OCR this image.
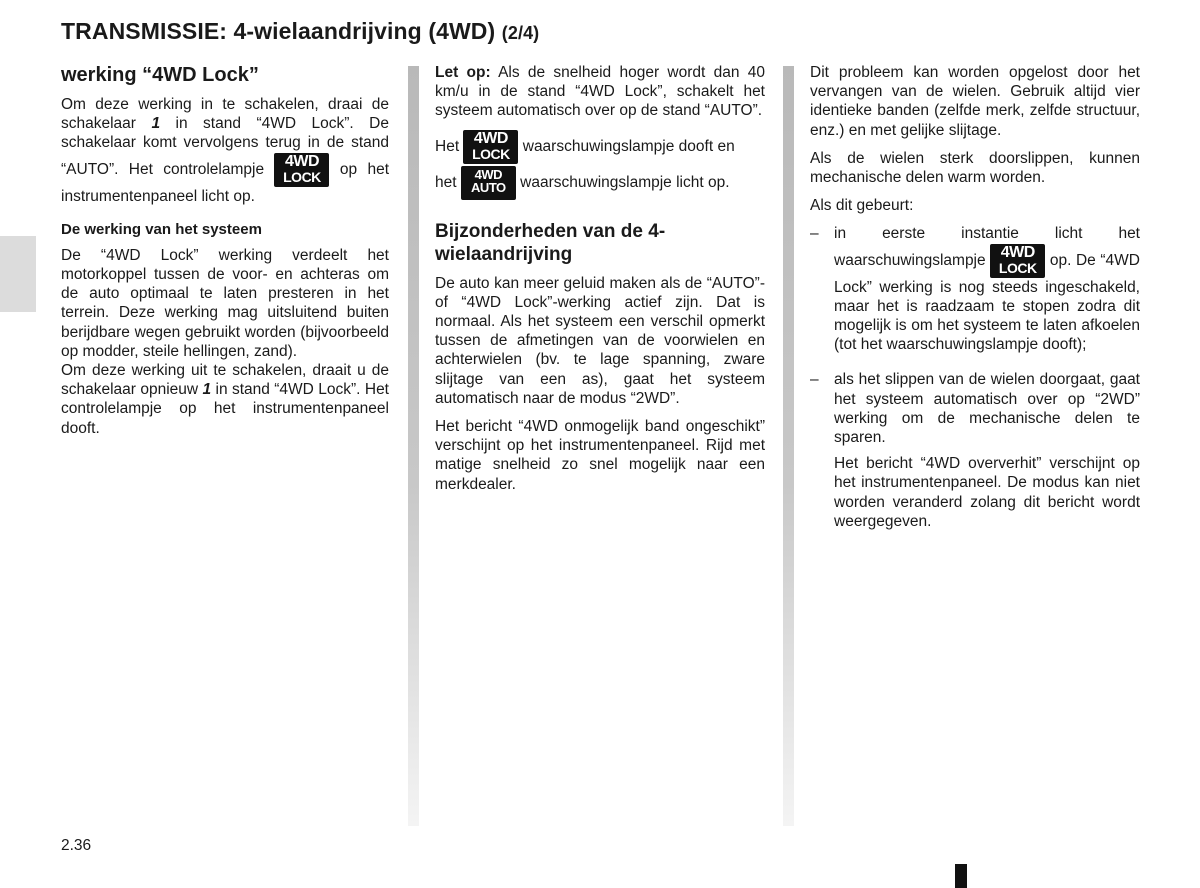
TRANSMISSIE: 4-wielaandrijving (4WD) (2/4)
werking “4WD Lock”

Om deze werking in te schakelen, draai de schakelaar 1 in stand “4WD Lock”. De schakelaar komt vervolgens terug in de stand “AUTO”. Het controlelampje 4WD
LOCK op het instrumentenpaneel licht op.

De werking van het systeem

De “4WD Lock” werking verdeelt het motorkoppel tussen de voor- en achteras om de auto optimaal te laten presteren in het terrein. Deze werking mag uitsluitend buiten berijdbare wegen gebruikt worden (bijvoorbeeld op modder, steile hellingen, zand).

Om deze werking uit te schakelen, draait u de schakelaar opnieuw 1 in stand “4WD Lock”. Het controlelampje op het instrumentenpaneel dooft.

Let op: Als de snelheid hoger wordt dan 40 km/u in de stand “4WD Lock”, schakelt het systeem automatisch over op de stand “AUTO”.

Het 4WD
LOCK waarschuwingslampje dooft en

het	4WD
AUTO waarschuwingslampje licht op.

Bijzonderheden van de 4-wielaandrijving

De auto kan meer geluid maken als de “AUTO”- of “4WD Lock”-werking actief zijn. Dat is normaal. Als het systeem een verschil opmerkt tussen de afmetingen van de voorwielen en achterwielen (bv. te lage spanning, zware slijtage van een as), gaat het systeem automatisch naar de modus “2WD”.

Het bericht “4WD onmogelijk band ongeschikt” verschijnt op het instrumentenpaneel. Rijd met matige snelheid zo snel mogelijk naar een merkdealer.

Dit probleem kan worden opgelost door het vervangen van de wielen. Gebruik altijd vier identieke banden (zelfde merk, zelfde structuur, enz.) en met gelijke slijtage.

Als de wielen sterk doorslippen, kunnen mechanische delen warm worden.

Als dit gebeurt:

– in eerste instantie licht het waarschuwingslampje 4WD
LOCK op. De “4WD Lock” werking is nog steeds ingeschakeld, maar het is raadzaam te stopen zodra dit mogelijk is om het systeem te laten afkoelen (tot het waarschuwingslampje dooft);

– als het slippen van de wielen doorgaat, gaat het systeem automatisch over op “2WD” werking om de mechanische delen te sparen.

Het bericht “4WD oververhit” verschijnt op het instrumentenpaneel. De modus kan niet worden veranderd zolang dit bericht wordt weergegeven.

2.36
